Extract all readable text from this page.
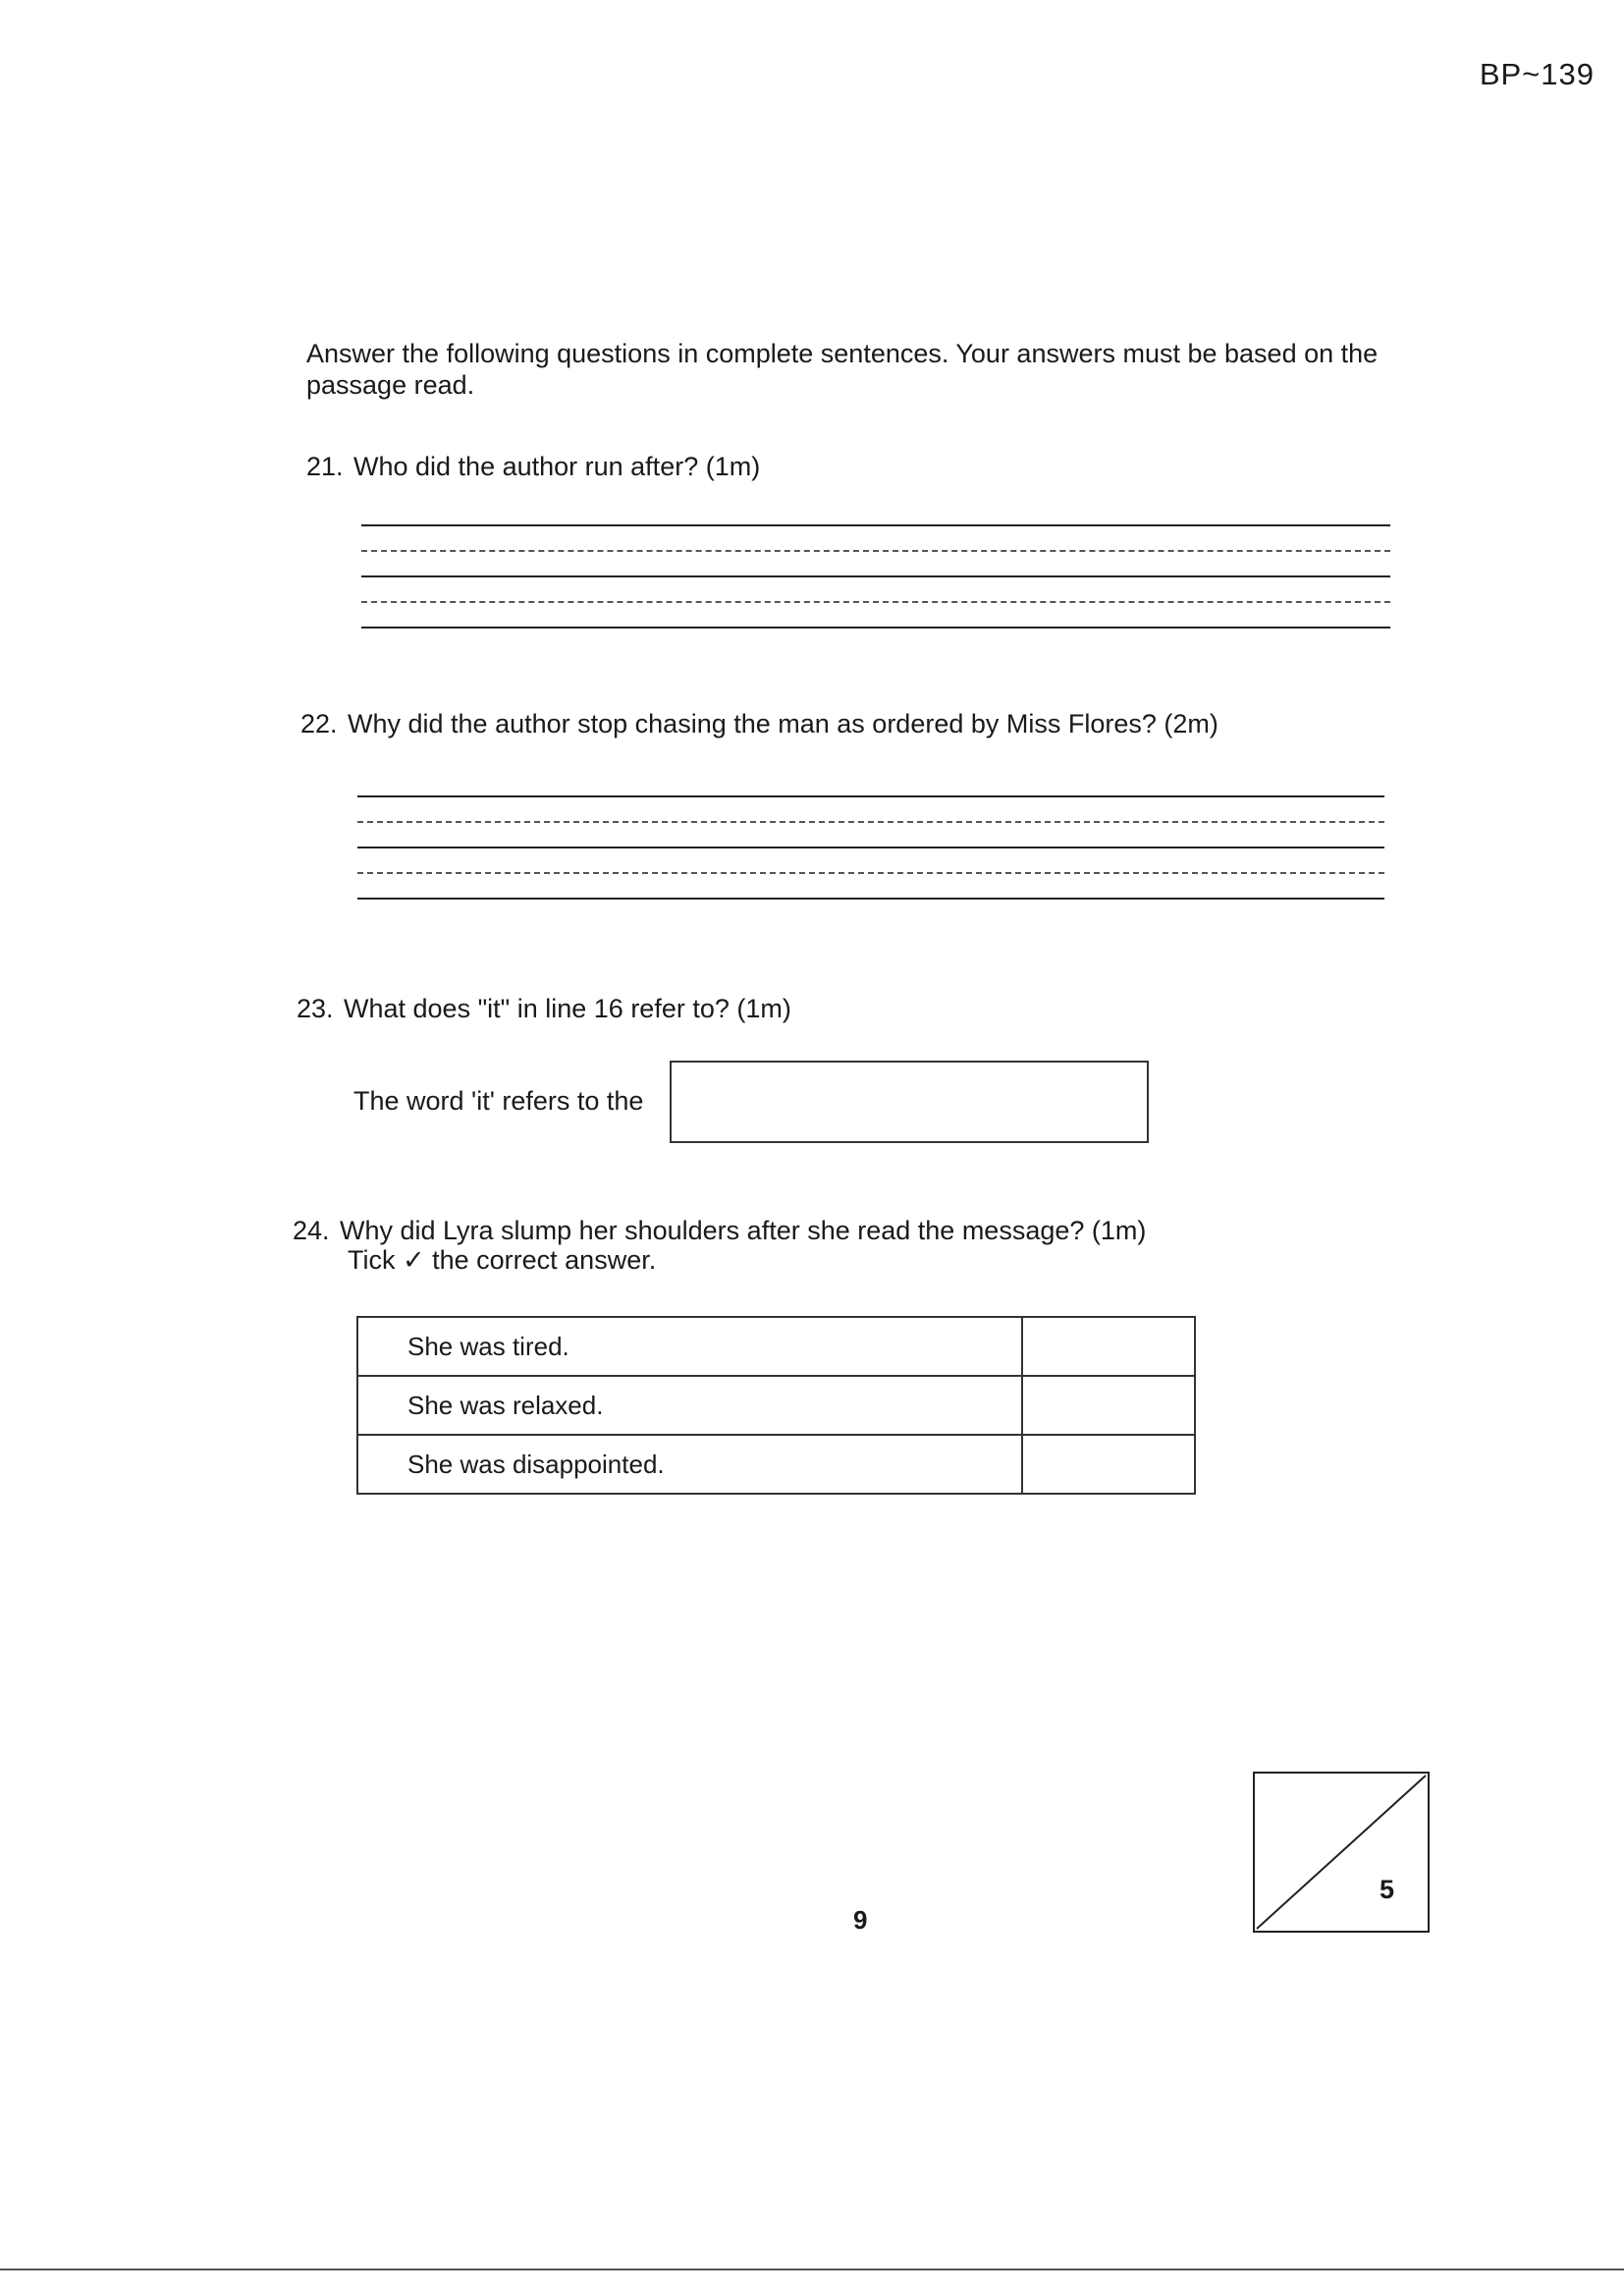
BP~139
Answer the following questions in complete sentences. Your answers must be based on the passage read.
21. Who did the author run after? (1m)
22. Why did the author stop chasing the man as ordered by Miss Flores? (2m)
23. What does "it" in line 16 refer to? (1m)
The word 'it' refers to the
24. Why did Lyra slump her shoulders after she read the message? (1m)
Tick ✓ the correct answer.
She was tired.	
She was relaxed.	
She was disappointed.	
9
5
